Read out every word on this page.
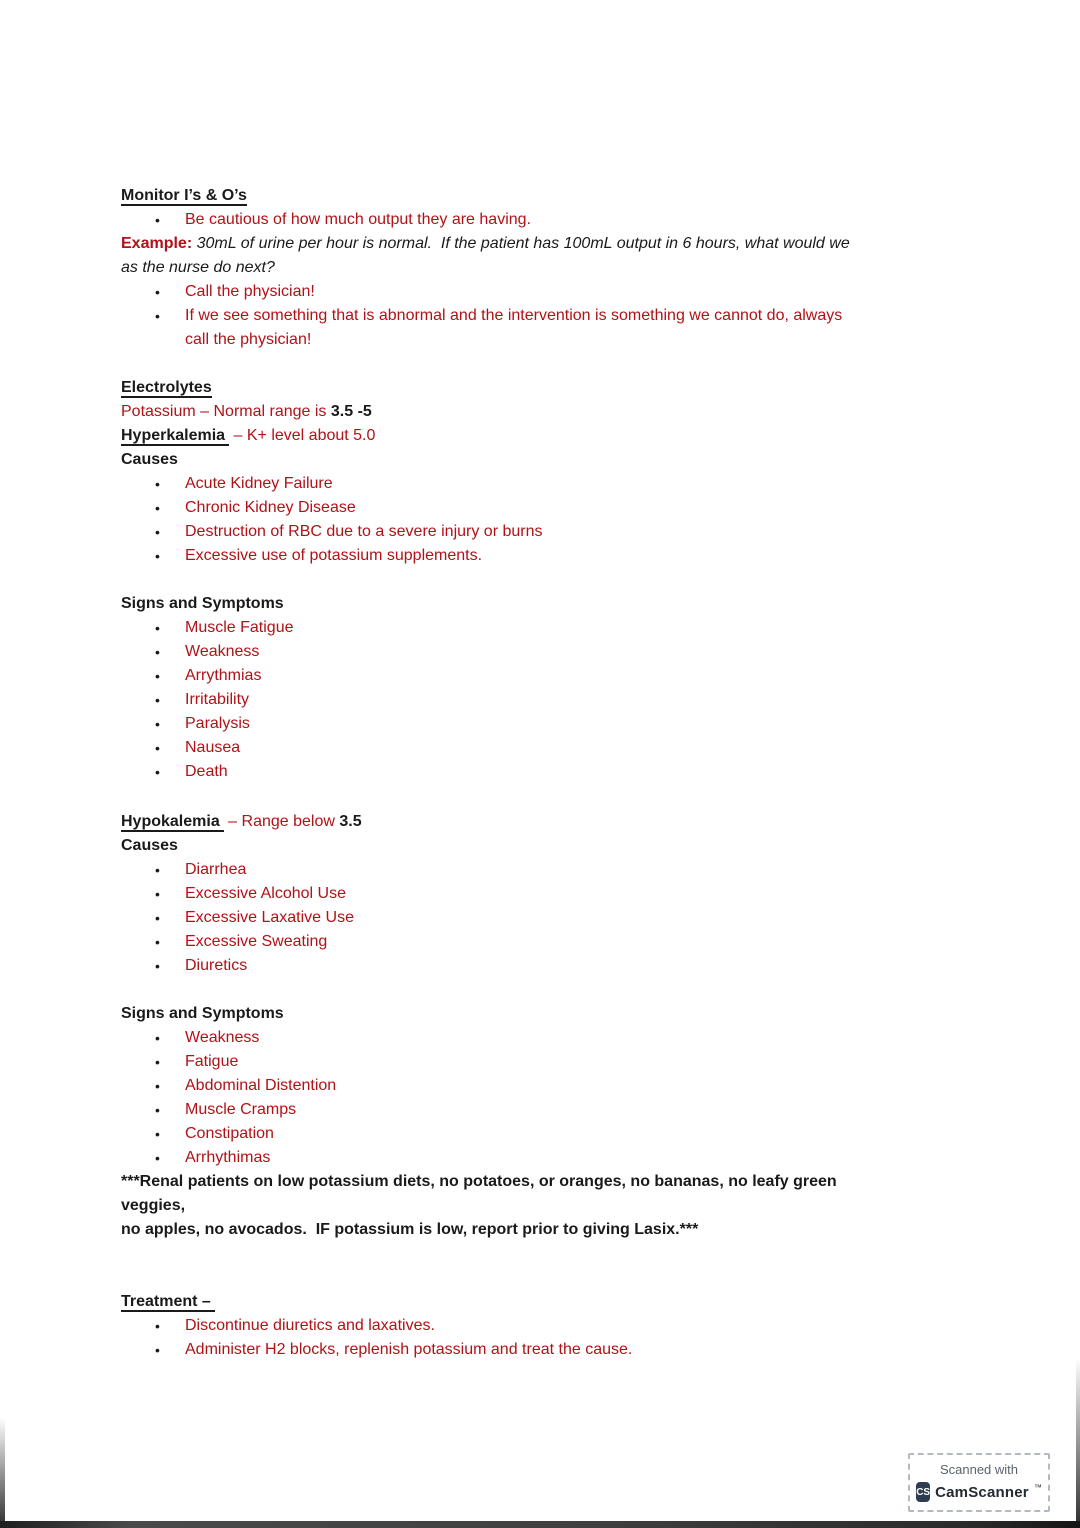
Monitor I’s & O’s
•	Be cautious of how much output they are having.

Example: 30mL of urine per hour is normal.  If the patient has 100mL output in 6 hours, what would we
as the nurse do next?

•	Call the physician!
•	If we see something that is abnormal and the intervention is something we cannot do, always
call the physician!
Electrolytes

Potassium – Normal range is 3.5 -5

Hyperkalemia – K+ level about 5.0

Causes

•	Acute Kidney Failure
•	Chronic Kidney Disease
•	Destruction of RBC due to a severe injury or burns
•	Excessive use of potassium supplements.

Signs and Symptoms

•	Muscle Fatigue
•	Weakness
•	Arrythmias
•	Irritability
•	Paralysis
•	Nausea
•	Death

Hypokalemia – Range below 3.5

Causes

•	Diarrhea
•	Excessive Alcohol Use
•	Excessive Laxative Use
•	Excessive Sweating
•	Diuretics

Signs and Symptoms

•	Weakness
•	Fatigue
•	Abdominal Distention
•	Muscle Cramps
•	Constipation
•	Arrhythimas

***Renal patients on low potassium diets, no potatoes, or oranges, no bananas, no leafy green veggies,
no apples, no avocados.  IF potassium is low, report prior to giving Lasix.***

Treatment –
•	Discontinue diuretics and laxatives.
•	Administer H2 blocks, replenish potassium and treat the cause.
Scanned with
CS CamScanner ™
